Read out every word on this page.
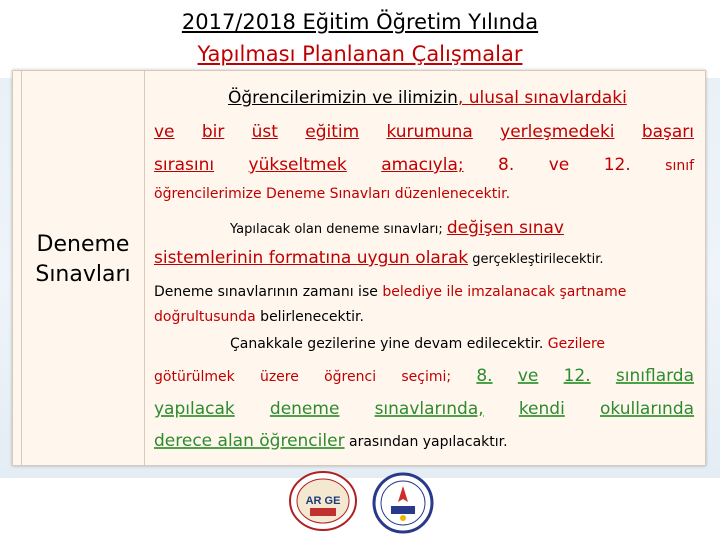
2017/2018 Eğitim Öğretim Yılında
Yapılması Planlanan Çalışmalar
Deneme
Sınavları
Öğrencilerimizin ve ilimizin, ulusal sınavlardaki
ve bir üst eğitim kurumuna yerleşmedeki başarı
sırasını yükseltmek amacıyla; 8. ve 12. sınıf
öğrencilerimize Deneme Sınavları düzenlenecektir.
Yapılacak olan deneme sınavları; değişen sınav
sistemlerinin formatına uygun olarak gerçekleştirilecektir.
Deneme sınavlarının zamanı ise belediye ile imzalanacak şartname
doğrultusunda belirlenecektir.
Çanakkale gezilerine yine devam edilecektir. Gezilere
götürülmek üzere öğrenci seçimi; 8. ve 12. sınıflarda
yapılacak deneme sınavlarında, kendi okullarında
derece alan öğrenciler arasından yapılacaktır.
AR GE
